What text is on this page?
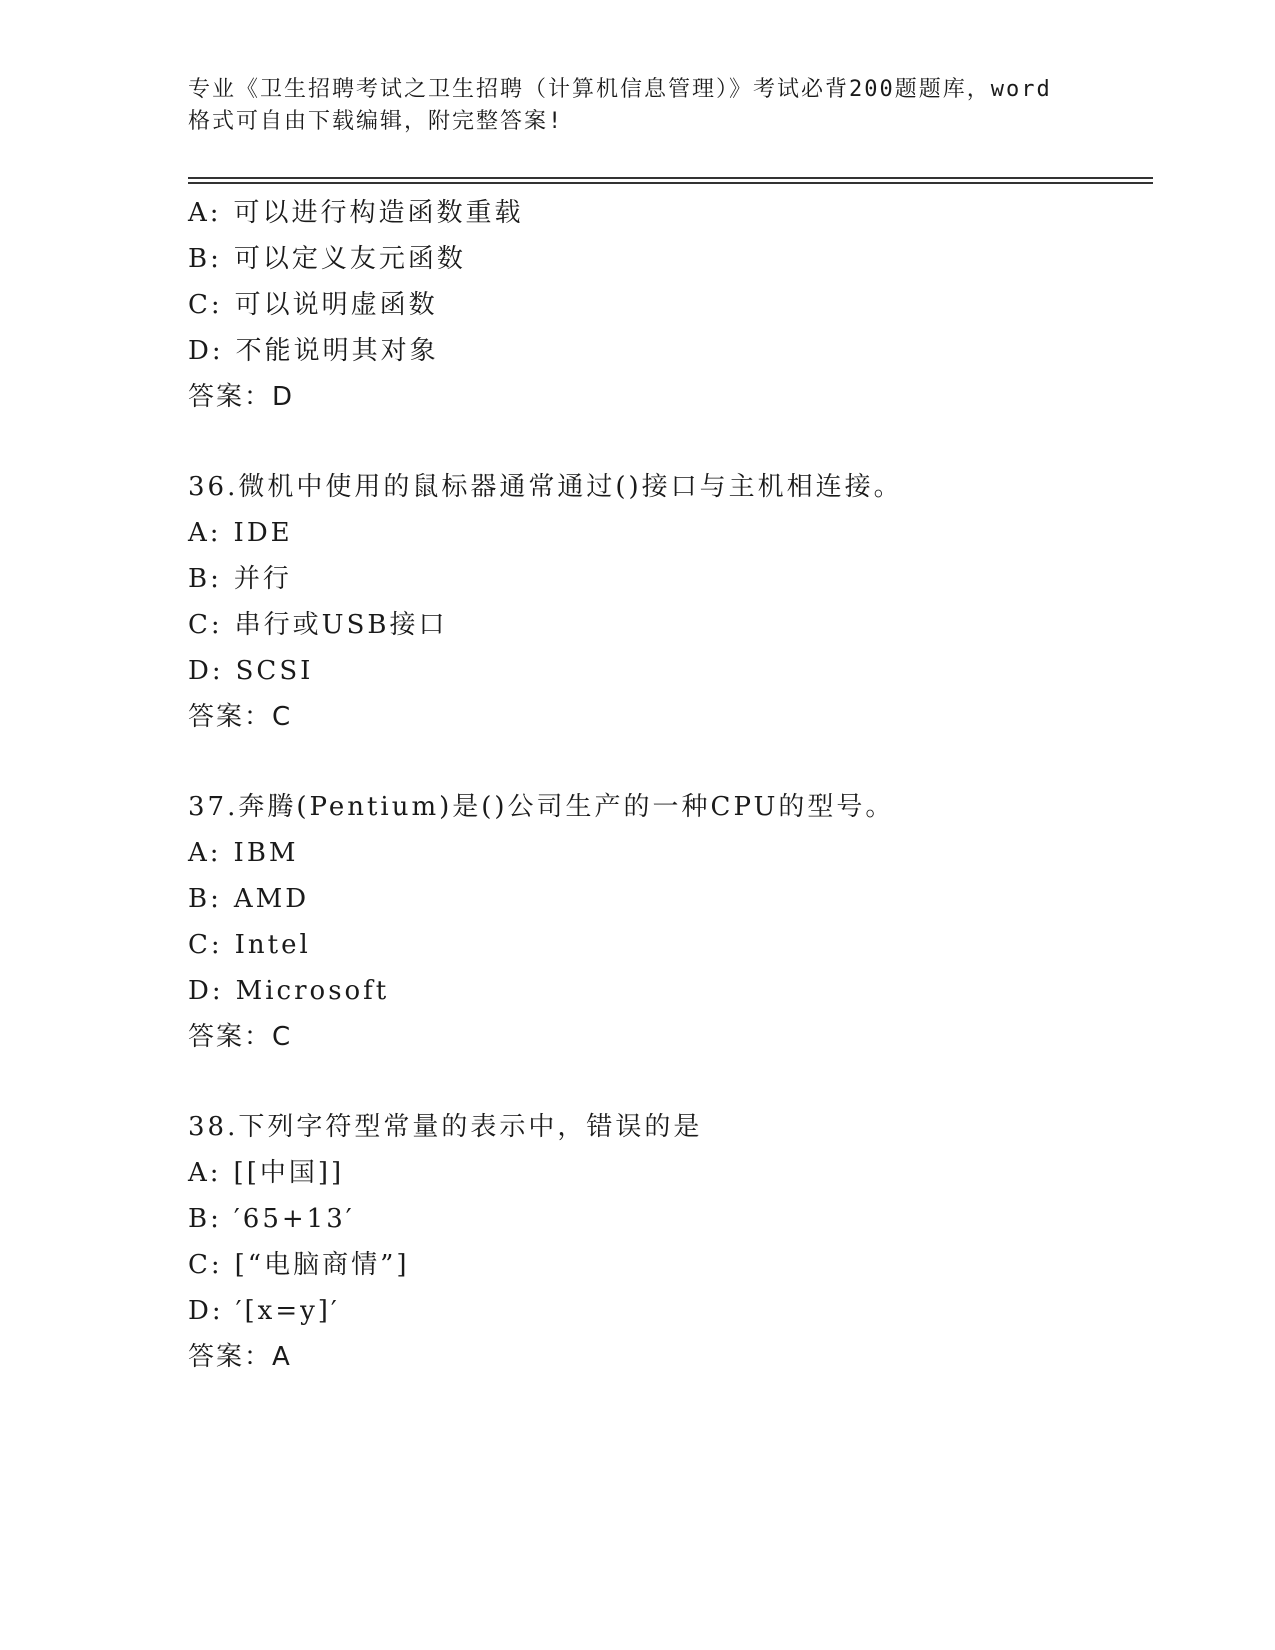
专业《卫生招聘考试之卫生招聘（计算机信息管理）》考试必背200题题库，word
格式可自由下载编辑，附完整答案!
A: 可以进行构造函数重载
B: 可以定义友元函数
C: 可以说明虚函数
D: 不能说明其对象
答案：D
36.微机中使用的鼠标器通常通过()接口与主机相连接。
A: IDE
B: 并行
C: 串行或USB接口
D: SCSI
答案：C
37.奔腾(Pentium)是()公司生产的一种CPU的型号。
A: IBM
B: AMD
C: Intel
D: Microsoft
答案：C
38.下列字符型常量的表示中，错误的是
A: [[中国]]
B: ′65+13′
C: [“电脑商情”]
D: ′[x=y]′
答案：A
